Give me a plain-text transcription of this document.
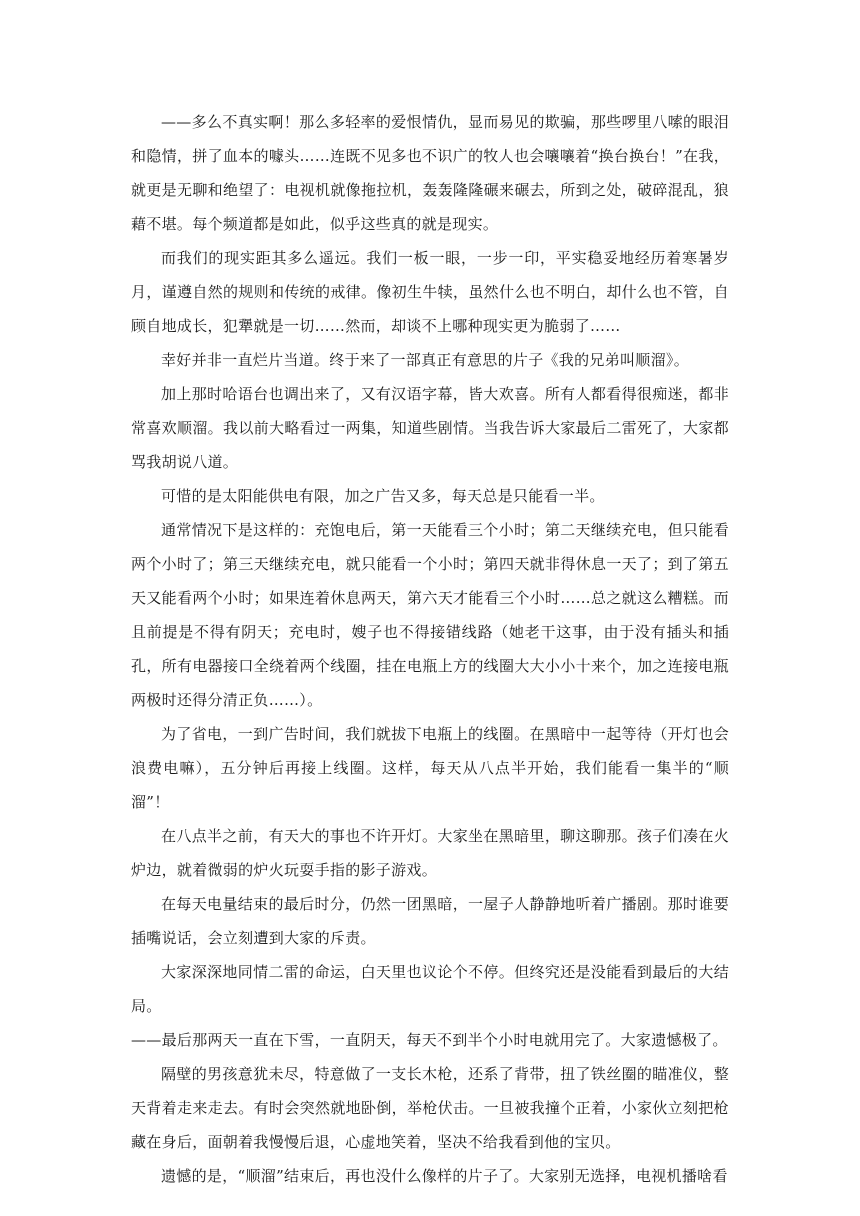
——多么不真实啊！那么多轻率的爱恨情仇，显而易见的欺骗，那些啰里八嗦的眼泪和隐情，拼了血本的噱头……连既不见多也不识广的牧人也会嚷嚷着“换台换台！”在我，就更是无聊和绝望了：电视机就像拖拉机，轰轰隆隆碾来碾去，所到之处，破碎混乱，狼藉不堪。每个频道都是如此，似乎这些真的就是现实。

而我们的现实距其多么遥远。我们一板一眼，一步一印，平实稳妥地经历着寒暑岁月，谨遵自然的规则和传统的戒律。像初生牛犊，虽然什么也不明白，却什么也不管，自顾自地成长，犯犟就是一切……然而，却谈不上哪种现实更为脆弱了……

幸好并非一直烂片当道。终于来了一部真正有意思的片子《我的兄弟叫顺溜》。

加上那时哈语台也调出来了，又有汉语字幕，皆大欢喜。所有人都看得很痴迷，都非常喜欢顺溜。我以前大略看过一两集，知道些剧情。当我告诉大家最后二雷死了，大家都骂我胡说八道。

可惜的是太阳能供电有限，加之广告又多，每天总是只能看一半。

通常情况下是这样的：充饱电后，第一天能看三个小时；第二天继续充电，但只能看两个小时了；第三天继续充电，就只能看一个小时；第四天就非得休息一天了；到了第五天又能看两个小时；如果连着休息两天，第六天才能看三个小时……总之就这么糟糕。而且前提是不得有阴天；充电时，嫂子也不得接错线路（她老干这事，由于没有插头和插孔，所有电器接口全绕着两个线圈，挂在电瓶上方的线圈大大小小十来个，加之连接电瓶两极时还得分清正负……）。

为了省电，一到广告时间，我们就拔下电瓶上的线圈。在黑暗中一起等待（开灯也会浪费电嘛），五分钟后再接上线圈。这样，每天从八点半开始，我们能看一集半的“顺溜”！

在八点半之前，有天大的事也不许开灯。大家坐在黑暗里，聊这聊那。孩子们凑在火炉边，就着微弱的炉火玩耍手指的影子游戏。

在每天电量结束的最后时分，仍然一团黑暗，一屋子人静静地听着广播剧。那时谁要插嘴说话，会立刻遭到大家的斥责。

大家深深地同情二雷的命运，白天里也议论个不停。但终究还是没能看到最后的大结局。

——最后那两天一直在下雪，一直阴天，每天不到半个小时电就用完了。大家遗憾极了。

隔壁的男孩意犹未尽，特意做了一支长木枪，还系了背带，扭了铁丝圈的瞄准仪，整天背着走来走去。有时会突然就地卧倒，举枪伏击。一旦被我撞个正着，小家伙立刻把枪藏在身后，面朝着我慢慢后退，心虚地笑着，坚决不给我看到他的宝贝。

遗憾的是，“顺溜”结束后，再也没什么像样的片子了。大家别无选择，电视机播啥看
